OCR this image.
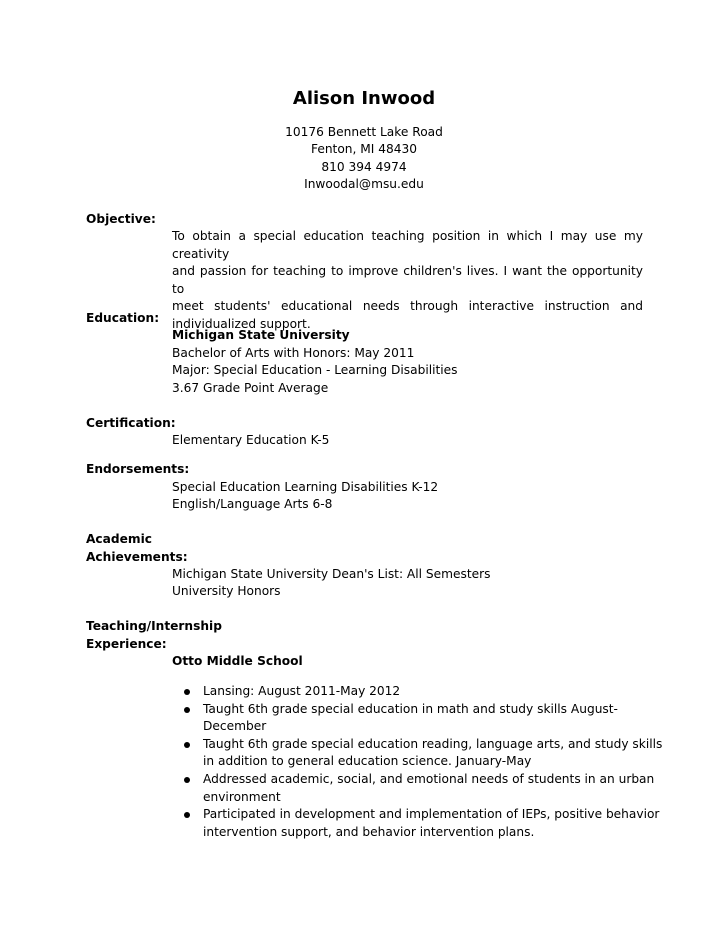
Alison Inwood
10176 Bennett Lake Road
Fenton, MI 48430
810 394 4974
Inwoodal@msu.edu
Objective:
To obtain a special education teaching position in which I may use my creativity
and passion for teaching to improve children's lives. I want the opportunity to
meet students' educational needs through interactive instruction and
individualized support.
Education:
Michigan State University
Bachelor of Arts with Honors: May 2011
Major: Special Education - Learning Disabilities
3.67 Grade Point Average
Certification:
Elementary Education K-5
Endorsements:
Special Education Learning Disabilities K-12
English/Language Arts 6-8
Academic
Achievements:
Michigan State University Dean's List: All Semesters
University Honors
Teaching/Internship
Experience:
Otto Middle School
Lansing: August 2011-May 2012
Taught 6th grade special education in math and study skills August-
December
Taught 6th grade special education reading, language arts, and study skills
in addition to general education science. January-May
Addressed academic, social, and emotional needs of students in an urban
environment
Participated in development and implementation of IEPs, positive behavior
intervention support, and behavior intervention plans.
